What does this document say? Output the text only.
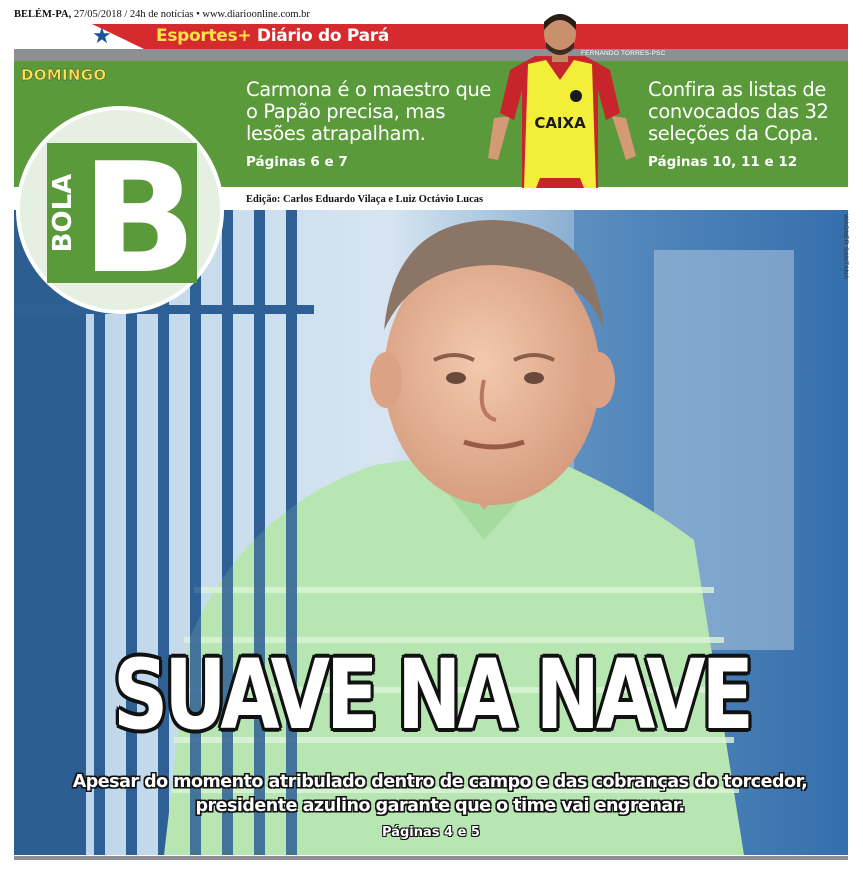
BELÉM-PA, 27/05/2018 / 24h de notícias • www.diarioonline.com.br
★	Esportes+ Diário do Pará
FERNANDO TORRES-PSC
DOMINGO
Carmona é o maestro que o Papão precisa, mas lesões atrapalham.
Páginas 6 e 7
Confira as listas de convocados das 32 seleções da Copa.
Páginas 10, 11 e 12
CAIXA
Edição: Carlos Eduardo Vilaça e Luiz Octávio Lucas
BOLA B	WAGNER SANTANA
SUAVE NA NAVE
Apesar do momento atribulado dentro de campo e das cobranças do torcedor, presidente azulino garante que o time vai engrenar.
Páginas 4 e 5
